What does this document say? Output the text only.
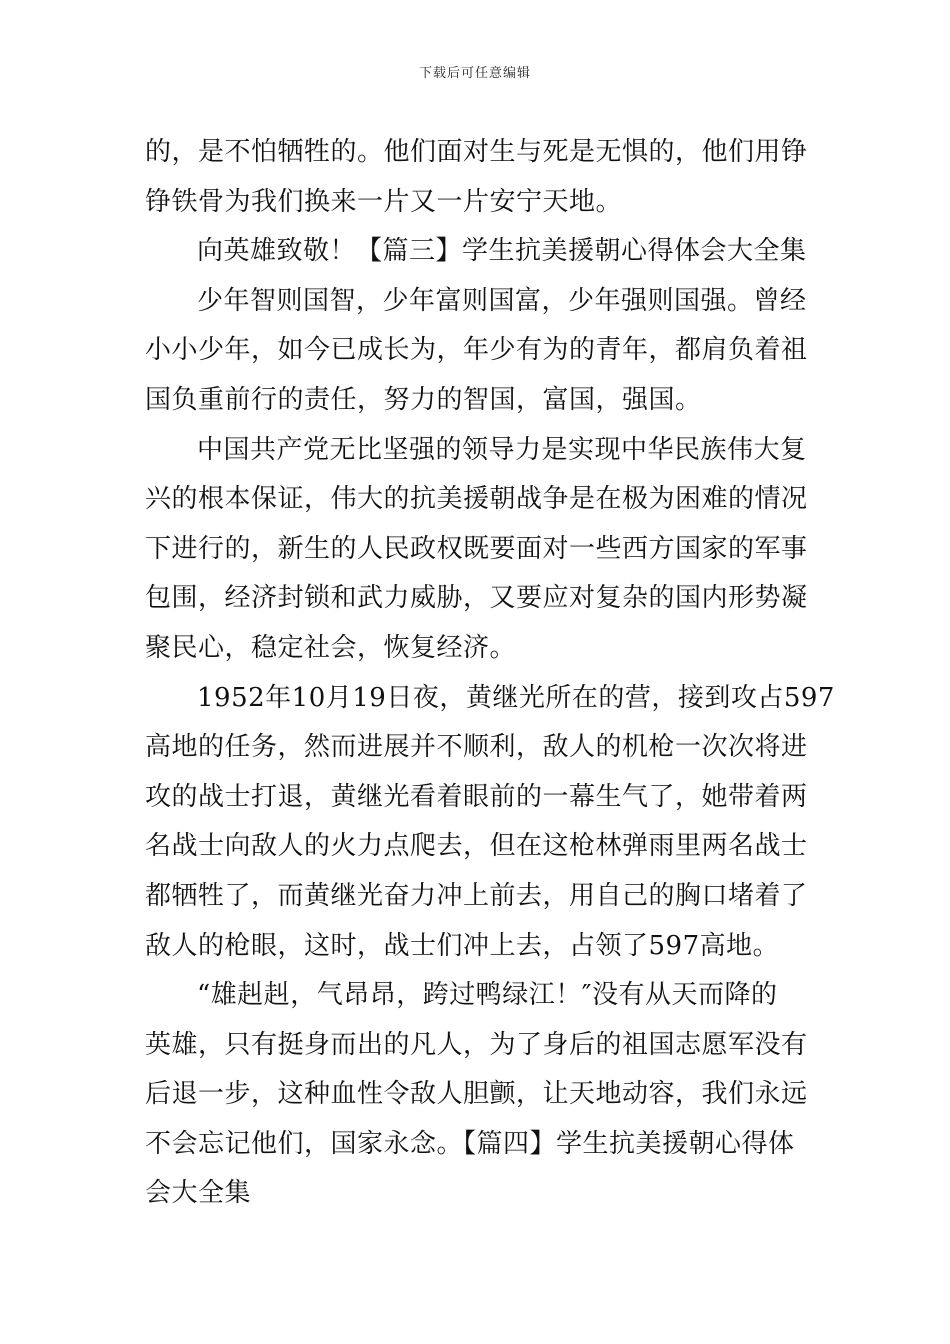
下载后可任意编辑
的，是不怕牺牲的。他们面对生与死是无惧的，他们用铮
铮铁骨为我们换来一片又一片安宁天地。
向英雄致敬！【篇三】学生抗美援朝心得体会大全集
少年智则国智，少年富则国富，少年强则国强。曾经
小小少年，如今已成长为，年少有为的青年，都肩负着祖
国负重前行的责任，努力的智国，富国，强国。
中国共产党无比坚强的领导力是实现中华民族伟大复
兴的根本保证，伟大的抗美援朝战争是在极为困难的情况
下进行的，新生的人民政权既要面对一些西方国家的军事
包围，经济封锁和武力威胁，又要应对复杂的国内形势凝
聚民心，稳定社会，恢复经济。
1952年10月19日夜，黄继光所在的营，接到攻占597
高地的任务，然而进展并不顺利，敌人的机枪一次次将进
攻的战士打退，黄继光看着眼前的一幕生气了，她带着两
名战士向敌人的火力点爬去，但在这枪林弹雨里两名战士
都牺牲了，而黄继光奋力冲上前去，用自己的胸口堵着了
敌人的枪眼，这时，战士们冲上去，占领了597高地。
“雄赳赳，气昂昂，跨过鸭绿江！″没有从天而降的
英雄，只有挺身而出的凡人，为了身后的祖国志愿军没有
后退一步，这种血性令敌人胆颤，让天地动容，我们永远
不会忘记他们，国家永念。【篇四】学生抗美援朝心得体
会大全集
